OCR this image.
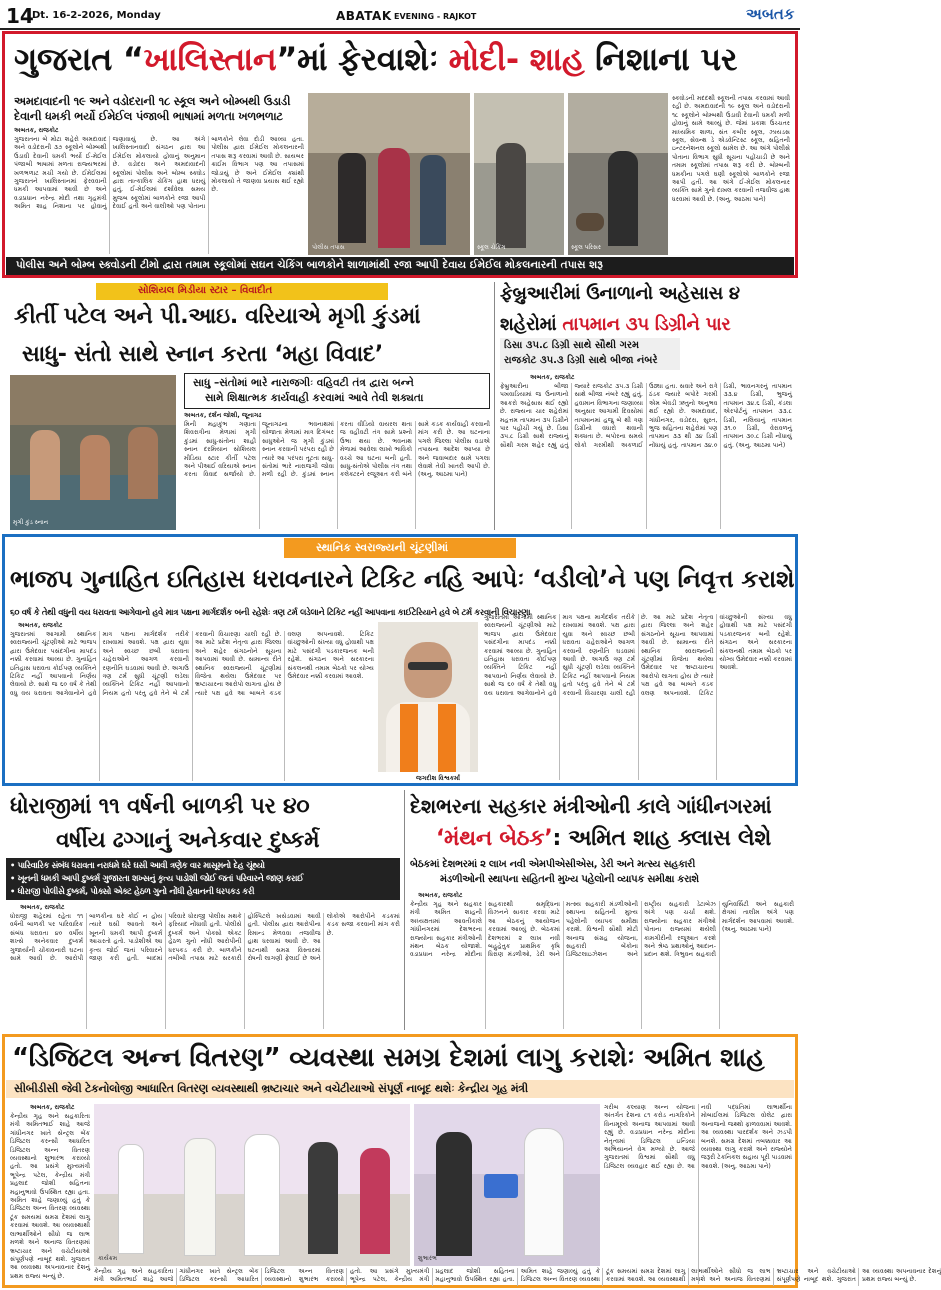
14
Dt. 16-2-2026, Monday	ABATAK EVENING - RAJKOT	અબતક
ગુજરાત “ખાલિસ્તાન”માં ફેરવાશેઃ મોદી- શાહ નિશાના પર
અમદાવાદની ૧૯ અને વડોદરાની ૧૮ સ્કૂલ અને બોમ્બથી ઉડાડી
દેવાની ધમકી ભર્યો ઈમેઈલ પંજાબી ભાષામાં મળતા ખળભળાટ
અબતક, રાજકોટ
ગુજરાતના બે મોટા શહેરો અમદાવાદ અને વડોદરાની ૩૭ સ્કૂલોને બોમ્બથી ઉડાવી દેવાની ધમકી ભર્યો ઈ-મેઈલ પંજાબી ભાષામાં મળતા રાજ્યભરમાં ખળભળાટ મચી ગયો છે. ઈમેઈલમાં ગુજરાતને ખાલિસ્તાનમાં ફેરવવાની ધમકી આપવામાં આવી છે અને વડાપ્રધાન નરેન્દ્ર મોદી તથા ગૃહમંત્રી અમિત શાહ નિશાના પર હોવાનું જણાવાયું છે. આ અંગે ખાલિસ્તાનવાદી સંગઠન દ્વારા આ ઈમેઈલ મોકલાયો હોવાનું અનુમાન છે. વડોદરા અને અમદાવાદની સ્કૂલોમાં પોલીસ અને બોમ્બ સ્ક્વોડ દ્વારા તાત્કાલિક ચેકિંગ હાથ ધરાયું હતું. ઈ-મેઈલમાં દર્શાવેલા સમય મુજબ સ્કૂલોમાં બાળકોને રજા આપી દેવાઈ હતી અને વાલીઓ પણ પોતાના બાળકોને લેવા દોડી આવ્યા હતા. પોલીસ દ્વારા ઈમેઈલ મોકલનારની તપાસ શરૂ કરવામાં આવી છે. સાયબર ક્રાઈમ વિભાગ પણ આ તપાસમાં જોડાયું છે અને ઈમેઈલ ક્યાંથી મોકલાયો તે જાણવા પ્રયાસ થઈ રહ્યો છે.
પોલીસ તપાસ	સ્કૂલ ચેકિંગ	સ્કૂલ પરિસર
સ્કવોડની મદદથી સ્કૂલની તપાસ કરવામાં આવી રહી છે. અમદાવાદની ૧૯ સ્કૂલ અને વડોદરાની ૧૮ સ્કૂલોને બોમ્બથી ઉડાવી દેવાની ધમકી મળી હોવાનું સામે આવ્યું છે. જેમાં પ્રકાશ ઉચ્ચતર માધ્યમિક શાળા, સંત કબીર સ્કૂલ, ઝાયડસ સ્કૂલ, સેવન્થ ડે એડવેન્ટિસ્ટ સ્કૂલ, સહિતની ઇન્ટરનેશનલ સ્કૂલો સામેલ છે. આ અંગે પોલીસે પોતાના વિભાગ સુધી સૂચના પહોંચાડી છે અને તમામ સ્કૂલોમાં તપાસ શરૂ કરી છે. બોમ્બની ધમકીના પગલે ઘણી સ્કૂલોએ બાળકોને રજા આપી હતી. આ અંગે ઈ-મેઈલ મોકલનાર વ્યક્તિ સામે ગુનો દાખલ કરવાની તજવીજ હાથ ધરવામાં આવી છે. (અનુ. આઠમા પાને)
પોલીસ અને બોમ્બ સ્ક્વોડની ટીમો દ્વારા તમામ સ્કૂલોમાં સઘન ચેકિંગ બાળકોને શાળામાંથી રજા આપી દેવાય ઈમેઈલ મોકલનારની તપાસ શરૂ
સોશિયલ મિડીયા સ્ટાર – વિવાદીત
કીર્તી પટેલ અને પી.આઇ. વરિયાએ મૃગી કુંડમાં
સાધુ- સંતો સાથે સ્નાન કરતા ‘મહા વિવાદ’
મૃગી કુંડ સ્નાન
સાધુ –સંતોમાં ભારે નારાજગીઃ વહિવટી તંત્ર દ્વારા બન્ને
સામે શિક્ષાત્મક કાર્યવાહી કરવામાં આવે તેવી શક્યતા
અબતક, દર્શન જોશી, જૂનાગઢ
મિની મહાકુંભ ગણાતા શિવરાત્રીના મેળામાં મૃગી કુંડમાં સાધુ-સંતોના શાહી સ્નાન દરમિયાન સોશિયલ મીડિયા સ્ટાર કીર્તી પટેલ અને પીઆઈ વરિયાએ સ્નાન કરતા વિવાદ સર્જાયો છે. જૂનાગઢના ભવનાથમાં યોજાતા મેળામાં માત્ર દિગંબર સાધુઓને જ મૃગી કુંડમાં સ્નાન કરવાની પરંપરા રહી છે ત્યારે આ પરંપરા તૂટતા સાધુ-સંતોમાં ભારે નારાજગી જોવા મળી રહી છે. કુંડમાં સ્નાન કરતા વીડિયો વાયરલ થતા જ વહીવટી તંત્ર સામે પ્રશ્નો ઉભા થયા છે. ભવનાથ મેળામાં આવેલા લાખો ભાવિકો વચ્ચે આ ઘટના બની હતી. સાધુ-સંતોએ પોલીસ તંત્ર તથા કલેક્ટરને રજૂઆત કરી બંને સામે કડક કાર્યવાહી કરવાની માંગ કરી છે. આ ઘટનાના પગલે જિલ્લા પોલીસ વડાએ તપાસના આદેશ આપ્યા છે અને જવાબદાર સામે પગલા લેવાશે તેવી ખાતરી આપી છે. (અનુ. આઠમા પાને)
ફેબ્રુઆરીમાં ઉનાળાનો અહેસાસ ૪
શહેરોમાં તાપમાન ૩૫ ડિગ્રીને પાર
ડિસા ૩૫.૮ ડિગ્રી સાથે સૌથી ગરમ
રાજકોટ ૩૫.૩ ડિગ્રી સાથે બીજા નંબરે
અબતક, રાજકોટ
ફેબ્રુઆરીના બીજા પખવાડિયામાં જ ઉનાળાનો આકરો અહેસાસ થઈ રહ્યો છે. રાજ્યના ચાર શહેરોમાં મહત્તમ તાપમાન ૩૫ ડિગ્રીને પાર પહોંચી ગયું છે. ડિસા ૩૫.૮ ડિગ્રી સાથે રાજ્યનું સૌથી ગરમ શહેર રહ્યું હતું જ્યારે રાજકોટ ૩૫.૩ ડિગ્રી સાથે બીજા નંબરે રહ્યું હતું. હવામાન વિભાગના જણાવ્યા અનુસાર આગામી દિવસોમાં તાપમાનમાં હજુ બે થી ત્રણ ડિગ્રીનો વધારો થવાની શક્યતા છે. બપોરના સમયે લોકો ગરમીથી અકળાઈ ઉઠ્યા હતા. સવારે અને રાત્રે ઠંડક જ્યારે બપોરે ગરમી એમ બેવડી ઋતુનો અનુભવ થઈ રહ્યો છે. અમદાવાદ, ગાંધીનગર, વડોદરા, સુરત, ભુજ સહિતના શહેરોમાં પણ તાપમાન ૩૩ થી ૩૪ ડિગ્રી નોંધાયું હતું. તાપમાન ૩૪.૦ ડિગ્રી, ભાવનગરનું તાપમાન ૩૩.૪ ડિગ્રી, ભુજનું તાપમાન ૩૪.૬ ડિગ્રી, કંડલા એરપોર્ટનું તાપમાન ૩૩.૮ ડિગ્રી, નલિયાનું તાપમાન ૩૧.૦ ડિગ્રી, વેરાવળનું તાપમાન ૩૦.૮ ડિગ્રી નોંધાયું હતું. (અનુ. આઠમા પાને)
સ્થાનિક સ્વરાજ્યની ચૂંટણીમાં
ભાજપ ગુનાહિત ઇતિહાસ ધરાવનારને ટિકિટ નહિ આપેઃ ‘વડીલો’ને પણ નિવૃત્ત કરાશે
૬૦ વર્ષ કે તેથી વધુની વય ધરાવતા આગેવાનો હવે માત્ર પક્ષના માર્ગદર્શક બની રહેશેઃ ત્રણ ટર્મ લડેલાને ટિકિટ નહીં આપવાના કાઈટેરિયાને હવે બે ટર્મ કરવાની વિચારણા
અબતક, રાજકોટ
ગુજરાતમાં આગામી સ્થાનિક સ્વરાજ્યની ચૂંટણીઓ માટે ભાજપ દ્વારા ઉમેદવાર પસંદગીના માપદંડ નક્કી કરવામાં આવ્યા છે. ગુનાહિત ઇતિહાસ ધરાવતા કોઈપણ વ્યક્તિને ટિકિટ નહીં આપવાનો નિર્ણય લેવાયો છે. સાથે જ ૬૦ વર્ષ કે તેથી વધુ વય ધરાવતા આગેવાનોને હવે માત્ર પક્ષના માર્ગદર્શક તરીકે રાખવામાં આવશે. પક્ષ દ્વારા યુવા અને સ્વચ્છ છબી ધરાવતા ચહેરાઓને આગળ કરવાની રણનીતિ ઘડવામાં આવી છે. અગાઉ ત્રણ ટર્મ સુધી ચૂંટણી લડેલા વ્યક્તિને ટિકિટ નહીં આપવાનો નિયમ હતો પરંતુ હવે તેને બે ટર્મ કરવાની વિચારણા ચાલી રહી છે. આ માટે પ્રદેશ નેતૃત્વ દ્વારા જિલ્લા અને શહેર સંગઠનોને સૂચના આપવામાં આવી છે. સામાન્ય રીતે સ્થાનિક સ્વરાજ્યની ચૂંટણીમાં વિજેતા થયેલા ઉમેદવાર પર ભ્રષ્ટાચારના આરોપો લાગતા હોય છે ત્યારે પક્ષ હવે આ બાબતે કડક વલણ અપનાવશે. ટિકિટ વાંચ્છુઓની સંખ્યા વધુ હોવાથી પક્ષ માટે પસંદગી પડકારજનક બની રહેશે. સંગઠન અને સરકારના સંકલનથી તમામ બેઠકો પર યોગ્ય ઉમેદવાર નક્કી કરવામાં આવશે.
જગદીશ વિશ્વકર્મા
ગુજરાતમાં આગામી સ્થાનિક સ્વરાજ્યની ચૂંટણીઓ માટે ભાજપ દ્વારા ઉમેદવાર પસંદગીના માપદંડ નક્કી કરવામાં આવ્યા છે. ગુનાહિત ઇતિહાસ ધરાવતા કોઈપણ વ્યક્તિને ટિકિટ નહીં આપવાનો નિર્ણય લેવાયો છે. સાથે જ ૬૦ વર્ષ કે તેથી વધુ વય ધરાવતા આગેવાનોને હવે માત્ર પક્ષના માર્ગદર્શક તરીકે રાખવામાં આવશે. પક્ષ દ્વારા યુવા અને સ્વચ્છ છબી ધરાવતા ચહેરાઓને આગળ કરવાની રણનીતિ ઘડવામાં આવી છે. અગાઉ ત્રણ ટર્મ સુધી ચૂંટણી લડેલા વ્યક્તિને ટિકિટ નહીં આપવાનો નિયમ હતો પરંતુ હવે તેને બે ટર્મ કરવાની વિચારણા ચાલી રહી છે. આ માટે પ્રદેશ નેતૃત્વ દ્વારા જિલ્લા અને શહેર સંગઠનોને સૂચના આપવામાં આવી છે. સામાન્ય રીતે સ્થાનિક સ્વરાજ્યની ચૂંટણીમાં વિજેતા થયેલા ઉમેદવાર પર ભ્રષ્ટાચારના આરોપો લાગતા હોય છે ત્યારે પક્ષ હવે આ બાબતે કડક વલણ અપનાવશે. ટિકિટ વાંચ્છુઓની સંખ્યા વધુ હોવાથી પક્ષ માટે પસંદગી પડકારજનક બની રહેશે. સંગઠન અને સરકારના સંકલનથી તમામ બેઠકો પર યોગ્ય ઉમેદવાર નક્કી કરવામાં આવશે.
ધોરાજીમાં ૧૧ વર્ષની બાળકી પર ૪૦
વર્ષીય ઢગ્ગાનું અનેકવાર દુષ્કર્મ
• પારિવારિક સંબંધ ધરાવતા નરાધમે ઘરે ઘસી આવી ત્રણેક વાર માસૂમનો દેહ ચૂંથ્યો
• ખૂનની ધમકી આપી દુષ્કર્મ ગુજારતા શખ્સનું કૃત્ય પાડોશી જોઈ જતાં પરિવારને જાણ કરાઈ
• ધોરાજી પોલીસે દુષ્કર્મ, પોક્સો એક્ટ હેઠળ ગુનો નોંધી હેવાનની ધરપકડ કરી
અબતક, રાજકોટ
ધોરાજી શહેરમાં રહેતા ૧૧ વર્ષની બાળકી પર પારિવારિક સંબંધ ધરાવતા ૪૦ વર્ષીય શખ્સે અનેકવાર દુષ્કર્મ ગુજાર્યાની ચોંકાવનારી ઘટના સામે આવી છે. આરોપી બાળકીના ઘરે કોઈ ન હોય ત્યારે ઘસી આવતો અને ખૂનની ધમકી આપી દુષ્કર્મ આચરતો હતો. પાડોશીએ આ કૃત્ય જોઈ જતાં પરિવારને જાણ કરી હતી. બાદમાં પરિવારે ધોરાજી પોલીસ મથકે ફરિયાદ નોંધાવી હતી. પોલીસે દુષ્કર્મ અને પોક્સો એક્ટ હેઠળ ગુનો નોંધી આરોપીની ધરપકડ કરી છે. બાળકીને તબીબી તપાસ માટે સરકારી હોસ્પિટલે ખસેડવામાં આવી હતી. પોલીસ દ્વારા આરોપીના રિમાન્ડ મેળવવા તજવીજ હાથ ધરવામાં આવી છે. આ ઘટનાથી સમગ્ર વિસ્તારમાં રોષની લાગણી ફેલાઈ છે અને લોકોએ આરોપીને કડકમાં કડક સજા કરવાની માંગ કરી છે.
દેશભરના સહકાર મંત્રીઓની કાલે ગાંધીનગરમાં
‘મંથન બેઠક’: અમિત શાહ ક્લાસ લેશે
બેઠકમાં દેશભરમાં ૨ લાખ નવી એમપીએસીએસ, ડેરી અને મત્સ્ય સહકારી
મંડળીઓની સ્થાપના સહિતની મુખ્ય પહેલોની વ્યાપક સમીક્ષા કરાશે
અબતક, રાજકોટ
કેન્દ્રીય ગૃહ અને સહકાર મંત્રી અમિત શાહની અધ્યક્ષતામાં આવતીકાલે ગાંધીનગરમાં દેશભરના રાજ્યોના સહકાર મંત્રીઓની મંથન બેઠક યોજાશે. વડાપ્રધાન નરેન્દ્ર મોદીના સહકારથી સમૃદ્ધિના વિઝનને સાકાર કરવા માટે આ બેઠકનું આયોજન કરવામાં આવ્યું છે. બેઠકમાં દેશભરમાં ૨ લાખ નવી બહુહેતુક પ્રાથમિક કૃષિ ધિરાણ મંડળીઓ, ડેરી અને મત્સ્ય સહકારી મંડળીઓની સ્થાપના સહિતની મુખ્ય પહેલોની વ્યાપક સમીક્ષા કરાશે. વિશ્વની સૌથી મોટી અનાજ સંગ્રહ યોજના, સહકારી બેંકોના ડિજિટલાઇઝેશન અને રાષ્ટ્રીય સહકારી ડેટાબેઝ અંગે પણ ચર્ચા થશે. રાજ્યોના સહકાર મંત્રીઓ પોતાના રાજ્યમાં થયેલી કામગીરીની રજૂઆત કરશે અને શ્રેષ્ઠ પ્રથાઓનું આદાન-પ્રદાન થશે. ત્રિભુવન સહકારી યુનિવર્સિટી અને સહકારી ક્ષેત્રમાં તાલીમ અંગે પણ માર્ગદર્શન આપવામાં આવશે. (અનુ. આઠમા પાને)
“ડિજિટલ અન્ન વિતરણ” વ્યવસ્થા સમગ્ર દેશમાં લાગુ કરાશેઃ અમિત શાહ
સીબીડીસી જેવી ટેકનોલોજી આધારિત વિતરણ વ્યવસ્થાથી ભ્રષ્ટાચાર અને વચેટીયાઓ સંપૂર્ણ નાબૂદ થશેઃ કેન્દ્રીય ગૃહ મંત્રી
અબતક, રાજકોટ
કેન્દ્રીય ગૃહ અને સહકારિતા મંત્રી અમિતભાઈ શાહે આજે ગાંધીનગર ખાતે સેન્ટ્રલ બેંક ડિજિટલ કરન્સી આધારિત ડિજિટલ અન્ન વિતરણ વ્યવસ્થાનો શુભારંભ કરાવ્યો હતો. આ પ્રસંગે મુખ્યમંત્રી ભૂપેન્દ્ર પટેલ, કેન્દ્રીય મંત્રી પ્રહલાદ જોશી સહિતના મહાનુભાવો ઉપસ્થિત રહ્યા હતા. અમિત શાહે જણાવ્યું હતું કે ડિજિટલ અન્ન વિતરણ વ્યવસ્થા ટૂંક સમયમાં સમગ્ર દેશમાં લાગુ કરવામાં આવશે. આ વ્યવસ્થાથી લાભાર્થીઓને સીધો જ લાભ મળશે અને અનાજ વિતરણમાં ભ્રષ્ટાચાર અને વચેટીયાઓ સંપૂર્ણપણે નાબૂદ થશે. ગુજરાત આ વ્યવસ્થા અપનાવનાર દેશનું પ્રથમ રાજ્ય બન્યું છે.
કાર્યક્રમ	શુભારંભ
કેન્દ્રીય ગૃહ અને સહકારિતા મંત્રી અમિતભાઈ શાહે આજે ગાંધીનગર ખાતે સેન્ટ્રલ બેંક ડિજિટલ કરન્સી આધારિત ડિજિટલ અન્ન વિતરણ વ્યવસ્થાનો શુભારંભ કરાવ્યો હતો. આ પ્રસંગે મુખ્યમંત્રી ભૂપેન્દ્ર પટેલ, કેન્દ્રીય મંત્રી પ્રહલાદ જોશી સહિતના મહાનુભાવો ઉપસ્થિત રહ્યા હતા. અમિત શાહે જણાવ્યું હતું કે ડિજિટલ અન્ન વિતરણ વ્યવસ્થા ટૂંક સમયમાં સમગ્ર દેશમાં લાગુ કરવામાં આવશે. આ વ્યવસ્થાથી લાભાર્થીઓને સીધો જ લાભ મળશે અને અનાજ વિતરણમાં ભ્રષ્ટાચાર અને વચેટીયાઓ સંપૂર્ણપણે નાબૂદ થશે. ગુજરાત આ વ્યવસ્થા અપનાવનાર દેશનું પ્રથમ રાજ્ય બન્યું છે.
ગરીબ કલ્યાણ અન્ન યોજના અંતર્ગત દેશના ૮૧ કરોડ નાગરિકોને વિનામૂલ્યે અનાજ આપવામાં આવી રહ્યું છે. વડાપ્રધાન નરેન્દ્ર મોદીના નેતૃત્વમાં ડિજિટલ ઇન્ડિયા અભિયાનને વેગ મળ્યો છે. આજે ગુજરાતમાં વિશ્વમાં સૌથી વધુ ડિજિટલ વ્યવહાર થઈ રહ્યા છે. આ નવી પદ્ધતિમાં લાભાર્થીના મોબાઈલમાં ડિજિટલ વોલેટ દ્વારા અનાજનો જથ્થો ફાળવવામાં આવશે. આ વ્યવસ્થા પારદર્શક અને ઝડપી બનશે. સમગ્ર દેશમાં તબક્કાવાર આ વ્યવસ્થા લાગુ કરાશે અને રાજ્યોને જરૂરી ટેકનિકલ સહાય પૂરી પાડવામાં આવશે. (અનુ. આઠમા પાને)
